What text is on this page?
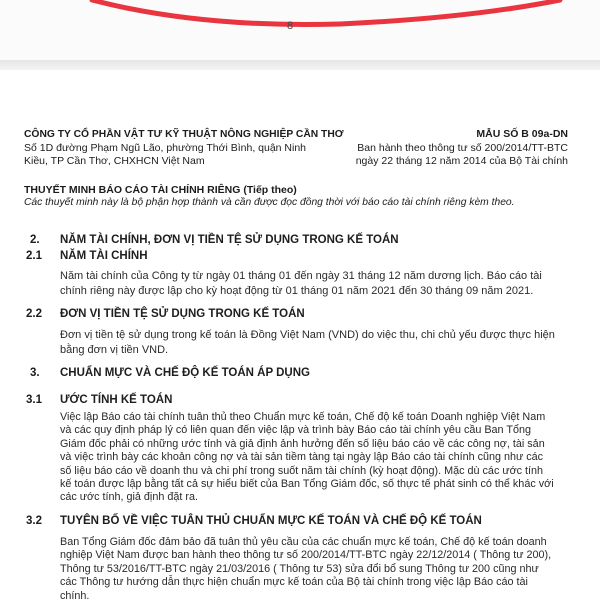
8
CÔNG TY CỔ PHẦN VẬT TƯ KỸ THUẬT NÔNG NGHIỆP CẦN THƠ
Số 1D đường Phạm Ngũ Lão, phường Thới Bình, quận Ninh
Kiều, TP Cần Thơ, CHXHCN Việt Nam
MẪU SỐ B 09a-DN
Ban hành theo thông tư số 200/2014/TT-BTC
ngày 22 tháng 12 năm 2014 của Bộ Tài chính
THUYẾT MINH BÁO CÁO TÀI CHÍNH RIÊNG (Tiếp theo)
Các thuyết minh này là bộ phận hợp thành và cần được đọc đồng thời với báo cáo tài chính riêng kèm theo.
2. NĂM TÀI CHÍNH, ĐƠN VỊ TIỀN TỆ SỬ DỤNG TRONG KẾ TOÁN
2.1 NĂM TÀI CHÍNH
Năm tài chính của Công ty từ ngày 01 tháng 01 đến ngày 31 tháng 12 năm dương lịch. Báo cáo tài
chính riêng này được lập cho kỳ hoạt động từ 01 tháng 01 năm 2021 đến 30 tháng 09 năm 2021.
2.2 ĐƠN VỊ TIỀN TỆ SỬ DỤNG TRONG KẾ TOÁN
Đơn vị tiền tệ sử dụng trong kế toán là Đồng Việt Nam (VND) do việc thu, chi chủ yếu được thực hiện
bằng đơn vị tiền VND.
3. CHUẨN MỰC VÀ CHẾ ĐỘ KẾ TOÁN ÁP DỤNG
3.1 ƯỚC TÍNH KẾ TOÁN
Việc lập Báo cáo tài chính tuân thủ theo Chuẩn mực kế toán, Chế độ kế toán Doanh nghiệp Việt Nam
và các quy định pháp lý có liên quan đến việc lập và trình bày Báo cáo tài chính yêu cầu Ban Tổng
Giám đốc phải có những ước tính và giả định ảnh hưởng đến số liệu báo cáo về các công nợ, tài sản
và việc trình bày các khoản công nợ và tài sản tiềm tàng tại ngày lập Báo cáo tài chính cũng như các
số liệu báo cáo về doanh thu và chi phí trong suốt năm tài chính (kỳ hoạt động). Mặc dù các ước tính
kế toán được lập bằng tất cả sự hiểu biết của Ban Tổng Giám đốc, số thực tế phát sinh có thể khác với
các ước tính, giả định đặt ra.
3.2 TUYÊN BỐ VỀ VIỆC TUÂN THỦ CHUẨN MỰC KẾ TOÁN VÀ CHẾ ĐỘ KẾ TOÁN
Ban Tổng Giám đốc đảm bảo đã tuân thủ yêu cầu của các chuẩn mực kế toán, Chế độ kế toán doanh
nghiệp Việt Nam được ban hành theo thông tư số 200/2014/TT-BTC ngày 22/12/2014 ( Thông tư 200),
Thông tư 53/2016/TT-BTC ngày 21/03/2016 ( Thông tư 53) sửa đổi bổ sung Thông tư 200 cũng như
các Thông tư hướng dẫn thực hiện chuẩn mực kế toán của Bộ tài chính trong việc lập Báo cáo tài
chính.
